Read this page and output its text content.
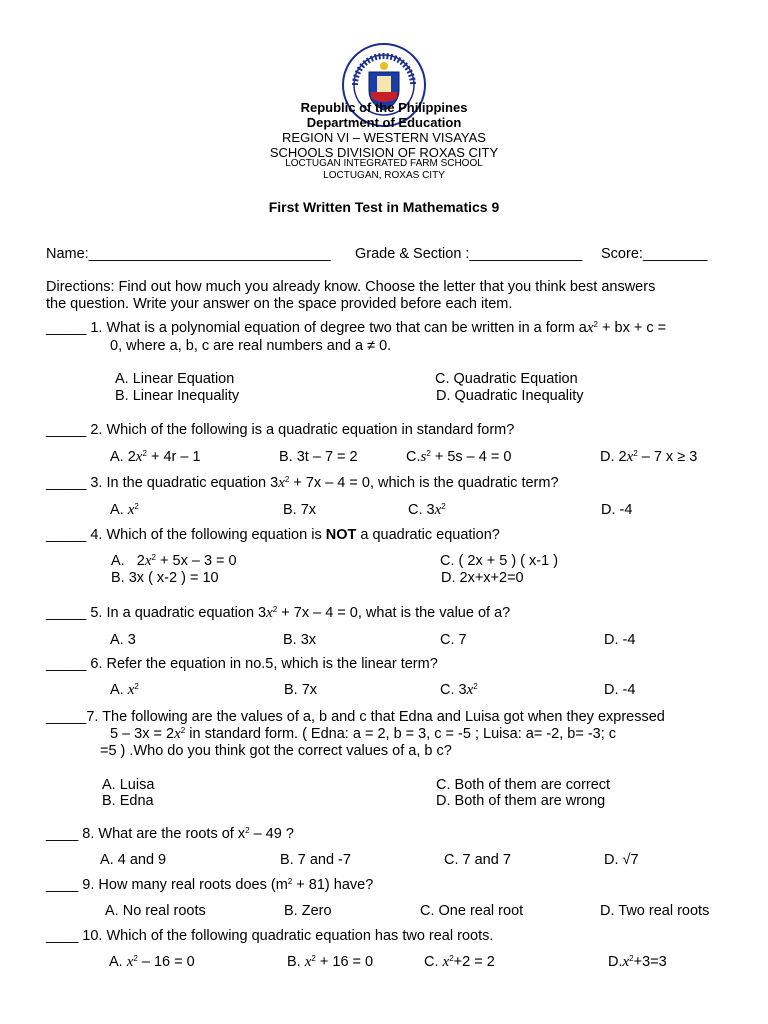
Republic of the Philippines
Department of Education
REGION VI – WESTERN VISAYAS
SCHOOLS DIVISION OF ROXAS CITY
LOCTUGAN INTEGRATED FARM SCHOOL
LOCTUGAN, ROXAS CITY
First Written Test in Mathematics 9
Name:______________________________ Grade & Section :______________ Score:________
Directions: Find out how much you already know. Choose the letter that you think best answers
the question. Write your answer on the space provided before each item.
_____ 1. What is a polynomial equation of degree two that can be written in a form $ax^2$ + bx + c =
0, where a, b, c are real numbers and a ≠ 0.
A. Linear Equation	C. Quadratic Equation
B. Linear Inequality	D. Quadratic Inequality
_____ 2. Which of the following is a quadratic equation in standard form?
A. $2x^2 + 4r - 1$	B. 3t – 7 = 2	$C.s^2 + 5s - 4 = 0$	D. $2x^2 - 7$ x ≥ 3
_____ 3. In the quadratic equation $3x^2 + 7x - 4 = 0$, which is the quadratic term?
A. $x^2$	B. 7x	C. $3x^2$	D. -4
_____ 4. Which of the following equation is NOT a quadratic equation?
A.   $2x^2 + 5x - 3 = 0$	C. ( 2x + 5 ) ( x-1 )
B. 3x ( x-2 ) = 10	D. 2x+x+2=0
_____ 5. In a quadratic equation $3x^2 + 7x - 4 = 0$, what is the value of a?
A. 3	B. 3x	C. 7	D. -4
_____ 6. Refer the equation in no.5, which is the linear term?
A. $x^2$	B. 7x	C. $3x^2$	D. -4
_____7. The following are the values of a, b and c that Edna and Luisa got when they expressed
$5 - 3x = 2x^2$ in standard form. ( Edna: a = 2, b = 3, c = -5 ; Luisa: a= -2, b= -3; c
=5 ) .Who do you think got the correct values of a, b c?
A. Luisa	C. Both of them are correct
B. Edna	D. Both of them are wrong
____ 8. What are the roots of $x^2 - 49$ ?
A. 4 and 9	B. 7 and -7	C. 7 and 7	D. √7
____ 9. How many real roots does $(m^2 + 81)$ have?
A. No real roots	B. Zero	C. One real root	D. Two real roots
____ 10. Which of the following quadratic equation has two real roots.
A. $x^2 - 16 = 0$	B. $x^2 + 16 = 0$	C. $x^2+2 = 2$	$D.x^2+3=3$
